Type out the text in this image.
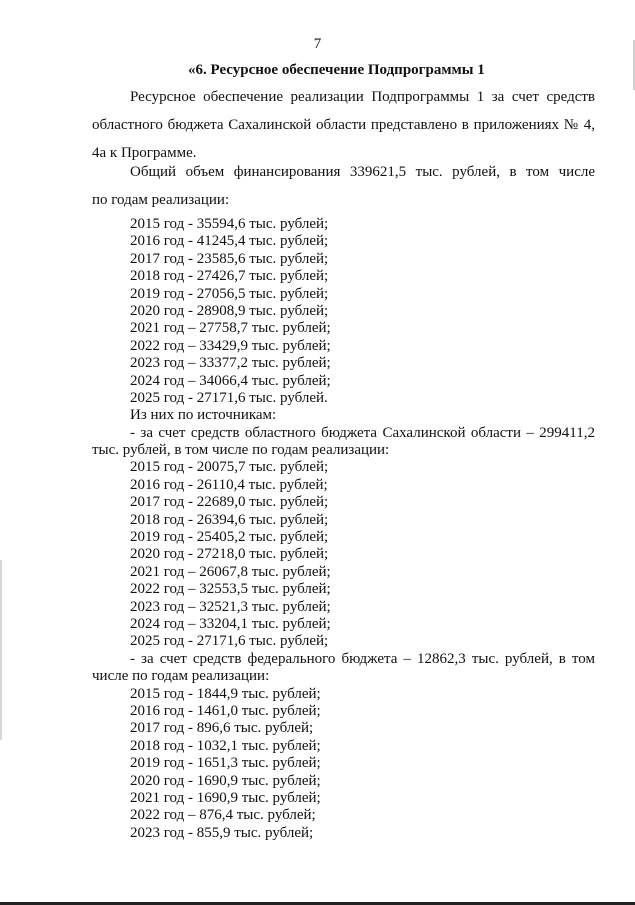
7
«6. Ресурсное обеспечение Подпрограммы 1
Ресурсное обеспечение реализации Подпрограммы 1 за счет средств
областного бюджета Сахалинской области представлено в приложениях № 4,
4а к Программе.
Общий объем финансирования 339621,5 тыс. рублей, в том числе
по годам реализации:
2015 год - 35594,6 тыс. рублей;
2016 год - 41245,4 тыс. рублей;
2017 год - 23585,6 тыс. рублей;
2018 год - 27426,7 тыс. рублей;
2019 год - 27056,5 тыс. рублей;
2020 год - 28908,9 тыс. рублей;
2021 год – 27758,7 тыс. рублей;
2022 год – 33429,9 тыс. рублей;
2023 год – 33377,2 тыс. рублей;
2024 год – 34066,4 тыс. рублей;
2025 год - 27171,6 тыс. рублей.
Из них по источникам:
- за счет средств областного бюджета Сахалинской области – 299411,2
тыс. рублей, в том числе по годам реализации:
2015 год - 20075,7 тыс. рублей;
2016 год - 26110,4 тыс. рублей;
2017 год - 22689,0 тыс. рублей;
2018 год - 26394,6 тыс. рублей;
2019 год - 25405,2 тыс. рублей;
2020 год - 27218,0 тыс. рублей;
2021 год – 26067,8 тыс. рублей;
2022 год – 32553,5 тыс. рублей;
2023 год – 32521,3 тыс. рублей;
2024 год – 33204,1 тыс. рублей;
2025 год - 27171,6 тыс. рублей;
- за счет средств федерального бюджета – 12862,3 тыс. рублей, в том
числе по годам реализации:
2015 год - 1844,9 тыс. рублей;
2016 год - 1461,0 тыс. рублей;
2017 год - 896,6 тыс. рублей;
2018 год - 1032,1 тыс. рублей;
2019 год - 1651,3 тыс. рублей;
2020 год - 1690,9 тыс. рублей;
2021 год - 1690,9 тыс. рублей;
2022 год – 876,4 тыс. рублей;
2023 год - 855,9 тыс. рублей;
